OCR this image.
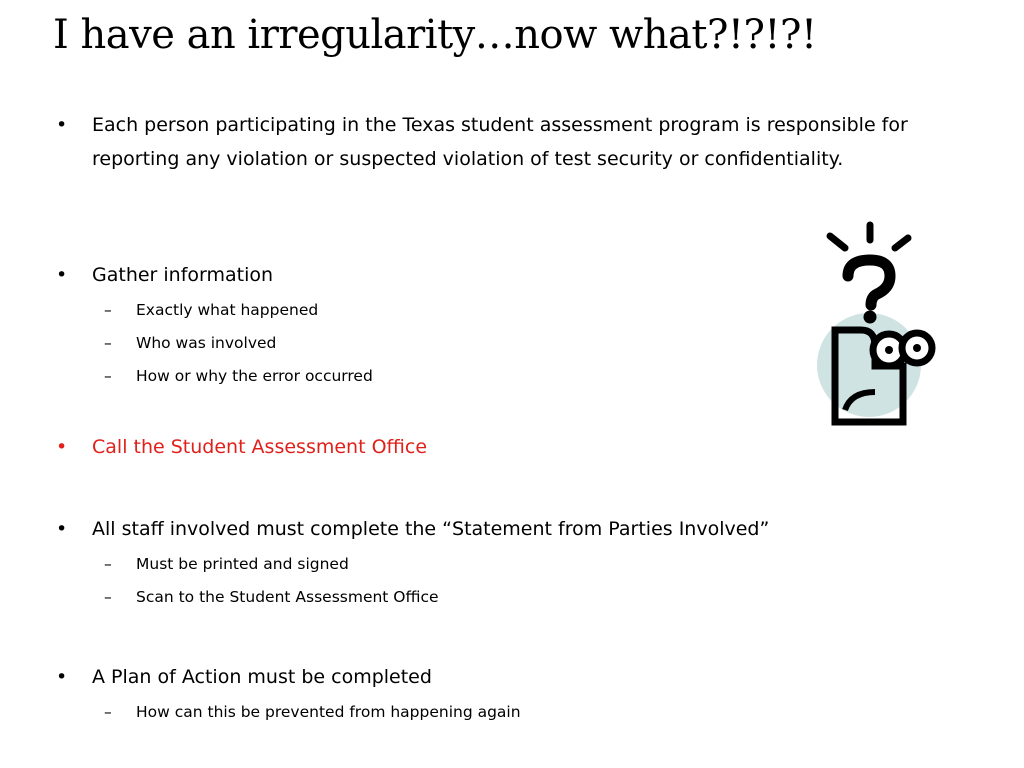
I have an irregularity…now what?!?!?!
• Each person participating in the Texas student assessment program is responsible for reporting any violation or suspected violation of test security or confidentiality.
• Gather information
– Exactly what happened
– Who was involved
– How or why the error occurred
• Call the Student Assessment Office
• All staff involved must complete the “Statement from Parties Involved”
– Must be printed and signed
– Scan to the Student Assessment Office
• A Plan of Action must be completed
– How can this be prevented from happening again
